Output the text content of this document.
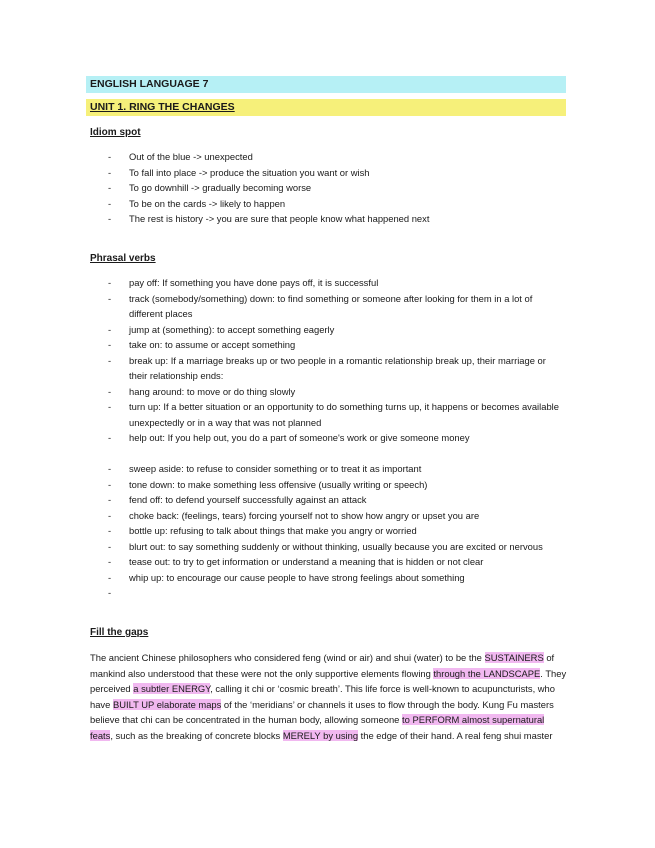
ENGLISH LANGUAGE 7
UNIT 1. RING THE CHANGES
Idiom spot
- Out of the blue -> unexpected
- To fall into place -> produce the situation you want or wish
- To go downhill -> gradually becoming worse
- To be on the cards -> likely to happen
- The rest is history -> you are sure that people know what happened next
Phrasal verbs
- pay off: If something you have done pays off, it is successful
- track (somebody/something) down: to find something or someone after looking for them in a lot of different places
- jump at (something): to accept something eagerly
- take on: to assume or accept something
- break up: If a marriage breaks up or two people in a romantic relationship break up, their marriage or their relationship ends:
- hang around: to move or do thing slowly
- turn up: If a better situation or an opportunity to do something turns up, it happens or becomes available unexpectedly or in a way that was not planned
- help out: If you help out, you do a part of someone's work or give someone money
- sweep aside: to refuse to consider something or to treat it as important
- tone down: to make something less offensive (usually writing or speech)
- fend off: to defend yourself successfully against an attack
- choke back: (feelings, tears) forcing yourself not to show how angry or upset you are
- bottle up: refusing to talk about things that make you angry or worried
- blurt out: to say something suddenly or without thinking, usually because you are excited or nervous
- tease out: to try to get information or understand a meaning that is hidden or not clear
- whip up: to encourage our cause people to have strong feelings about something
-
Fill the gaps

The ancient Chinese philosophers who considered feng (wind or air) and shui (water) to be the SUSTAINERS of mankind also understood that these were not the only supportive elements flowing through the LANDSCAPE. They perceived a subtler ENERGY, calling it chi or ‘cosmic breath’. This life force is well-known to acupuncturists, who have BUILT UP elaborate maps of the ‘meridians’ or channels it uses to flow through the body. Kung Fu masters believe that chi can be concentrated in the human body, allowing someone to PERFORM almost supernatural feats, such as the breaking of concrete blocks MERELY by using the edge of their hand. A real feng shui master
